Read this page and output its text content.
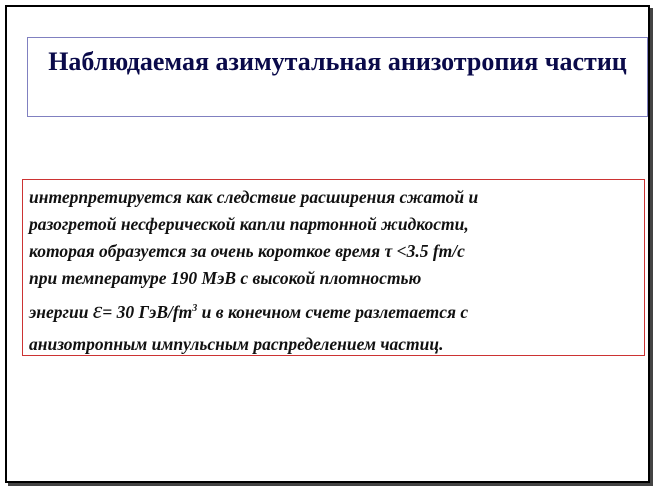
Наблюдаемая азимутальная анизотропия частиц
интерпретируется как следствие расширения сжатой и
разогретой несферической капли партонной жидкости,
которая образуется за очень короткое время τ <3.5 fm/c
при температуре 190 МэВ с высокой плотностью
энергии ε= 30 ГэВ/$fm^3$ и в конечном счете разлетается с
анизотропным импульсным распределением частиц.
